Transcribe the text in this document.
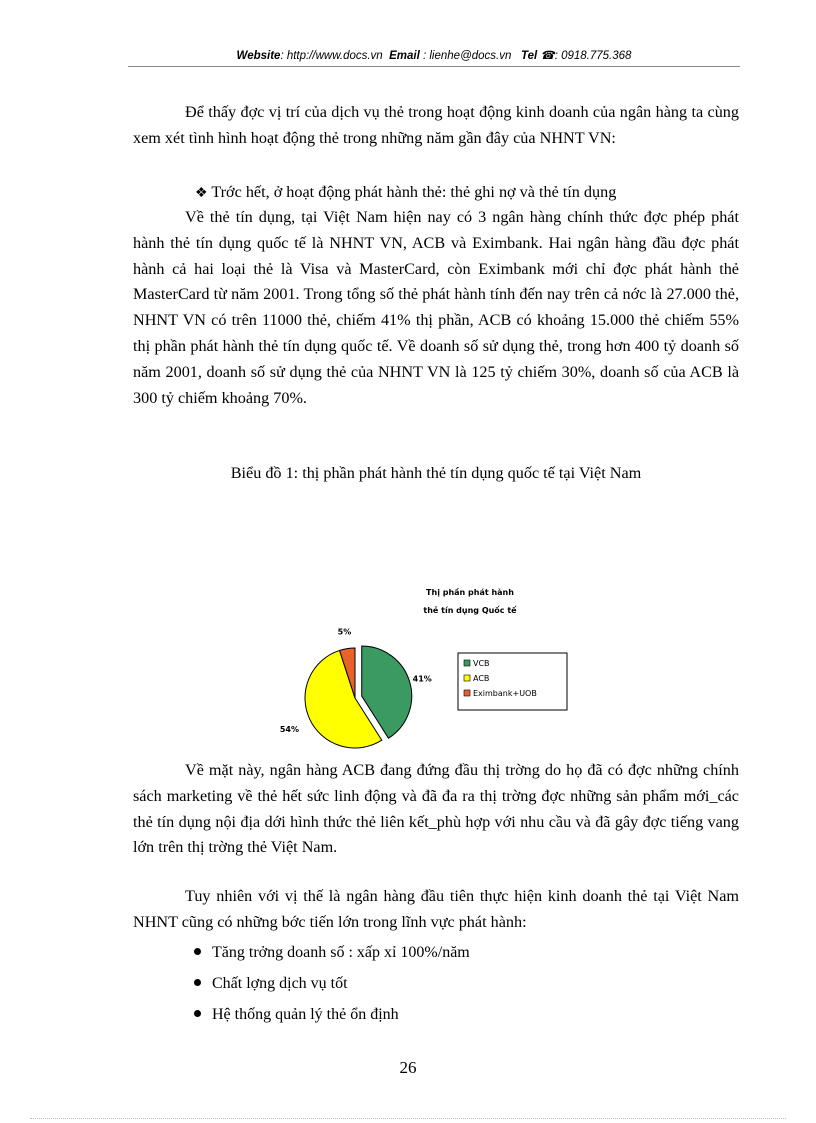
Website: http://www.docs.vn Email : lienhe@docs.vn Tel ☎: 0918.775.368

Để thấy đợc vị trí của dịch vụ thẻ trong hoạt động kinh doanh của ngân hàng ta cùng xem xét tình hình hoạt động thẻ trong những năm gần đây của NHNT VN:

❖ Trớc hết, ở hoạt động phát hành thẻ: thẻ ghi nợ và thẻ tín dụng

Về thẻ tín dụng, tại Việt Nam hiện nay có 3 ngân hàng chính thức đợc phép phát hành thẻ tín dụng quốc tế là NHNT VN, ACB và Eximbank. Hai ngân hàng đầu đợc phát hành cả hai loại thẻ là Visa và MasterCard, còn Eximbank mới chỉ đợc phát hành thẻ MasterCard từ năm 2001. Trong tổng số thẻ phát hành tính đến nay trên cả nớc là 27.000 thẻ, NHNT VN có trên 11000 thẻ, chiếm 41% thị phần, ACB có khoảng 15.000 thẻ chiếm 55% thị phần phát hành thẻ tín dụng quốc tế. Về doanh số sử dụng thẻ, trong hơn 400 tỷ doanh số năm 2001, doanh số sử dụng thẻ của NHNT VN là 125 tỷ chiếm 30%, doanh số của ACB là 300 tỷ chiếm khoảng 70%.

Biểu đồ 1: thị phần phát hành thẻ tín dụng quốc tế tại Việt Nam
Thị phần phát hành
thẻ tín dụng Quốc tế
41%
54%
5%
VCB
ACB
Eximbank+UOB

Về mặt này, ngân hàng ACB đang đứng đầu thị trờng do họ đã có đợc những chính sách marketing về thẻ hết sức linh động và đã đa ra thị trờng đợc những sản phẩm mới_các thẻ tín dụng nội địa dới hình thức thẻ liên kết_phù hợp với nhu cầu và đã gây đợc tiếng vang lớn trên thị trờng thẻ Việt Nam.

Tuy nhiên với vị thế là ngân hàng đầu tiên thực hiện kinh doanh thẻ tại Việt Nam NHNT cũng có những bớc tiến lớn trong lĩnh vực phát hành:

Tăng trởng doanh số : xấp xỉ 100%/năm
Chất lợng dịch vụ tốt
Hệ thống quản lý thẻ ổn định
26
